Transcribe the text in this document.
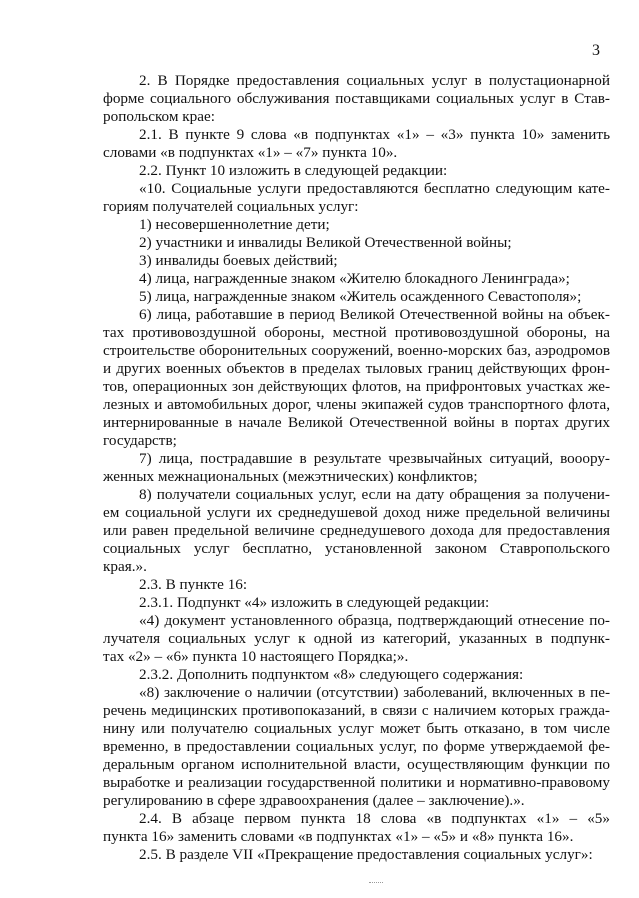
3
2. В Порядке предоставления социальных услуг в полустационарной
форме социального обслуживания поставщиками социальных услуг в Став-
ропольском крае:
2.1. В пункте 9 слова «в подпунктах «1» – «3» пункта 10» заменить
словами «в подпунктах «1» – «7» пункта 10».
2.2. Пункт 10 изложить в следующей редакции:
«10. Социальные услуги предоставляются бесплатно следующим кате-
гориям получателей социальных услуг:
1) несовершеннолетние дети;
2) участники и инвалиды Великой Отечественной войны;
3) инвалиды боевых действий;
4) лица, награжденные знаком «Жителю блокадного Ленинграда»;
5) лица, награжденные знаком «Житель осажденного Севастополя»;
6) лица, работавшие в период Великой Отечественной войны на объек-
тах противовоздушной обороны, местной противовоздушной обороны, на
строительстве оборонительных сооружений, военно-морских баз, аэродромов
и других военных объектов в пределах тыловых границ действующих фрон-
тов, операционных зон действующих флотов, на прифронтовых участках же-
лезных и автомобильных дорог, члены экипажей судов транспортного флота,
интернированные в начале Великой Отечественной войны в портах других
государств;
7) лица, пострадавшие в результате чрезвычайных ситуаций, вооору-
женных межнациональных (межэтнических) конфликтов;
8) получатели социальных услуг, если на дату обращения за получени-
ем социальной услуги их среднедушевой доход ниже предельной величины
или равен предельной величине среднедушевого дохода для предоставления
социальных услуг бесплатно, установленной законом Ставропольского
края.».
2.3. В пункте 16:
2.3.1. Подпункт «4» изложить в следующей редакции:
«4) документ установленного образца, подтверждающий отнесение по-
лучателя социальных услуг к одной из категорий, указанных в подпунк-
тах «2» – «6» пункта 10 настоящего Порядка;».
2.3.2. Дополнить подпунктом «8» следующего содержания:
«8) заключение о наличии (отсутствии) заболеваний, включенных в пе-
речень медицинских противопоказаний, в связи с наличием которых гражда-
нину или получателю социальных услуг может быть отказано, в том числе
временно, в предоставлении социальных услуг, по форме утверждаемой фе-
деральным органом исполнительной власти, осуществляющим функции по
выработке и реализации государственной политики и нормативно-правовому
регулированию в сфере здравоохранения (далее – заключение).».
2.4. В абзаце первом пункта 18 слова «в подпунктах «1» – «5»
пункта 16» заменить словами «в подпунктах «1» – «5» и «8» пункта 16».
2.5. В разделе VII «Прекращение предоставления социальных услуг»:
